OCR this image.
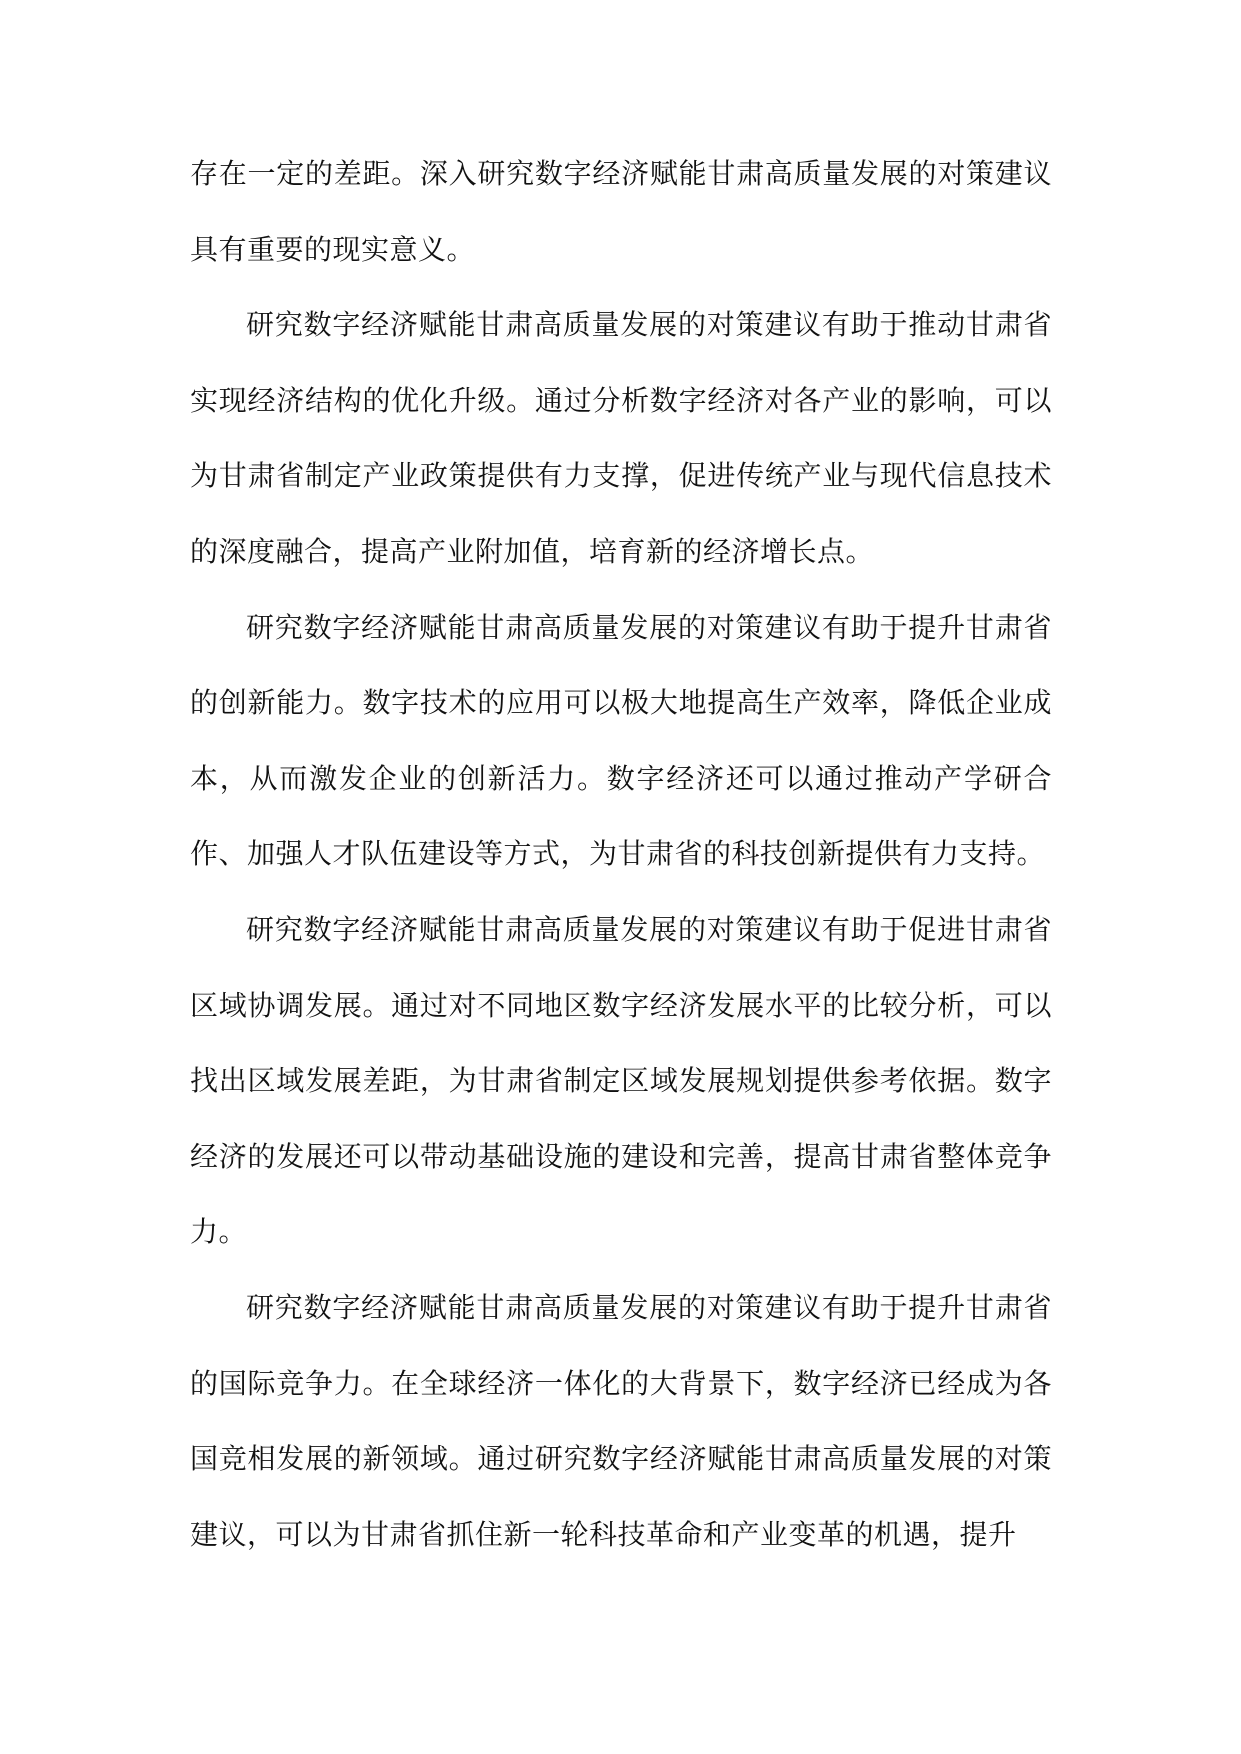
存在一定的差距。深入研究数字经济赋能甘肃高质量发展的对策建议具有重要的现实意义。

研究数字经济赋能甘肃高质量发展的对策建议有助于推动甘肃省实现经济结构的优化升级。通过分析数字经济对各产业的影响，可以为甘肃省制定产业政策提供有力支撑，促进传统产业与现代信息技术的深度融合，提高产业附加值，培育新的经济增长点。

研究数字经济赋能甘肃高质量发展的对策建议有助于提升甘肃省的创新能力。数字技术的应用可以极大地提高生产效率，降低企业成本，从而激发企业的创新活力。数字经济还可以通过推动产学研合作、加强人才队伍建设等方式，为甘肃省的科技创新提供有力支持。

研究数字经济赋能甘肃高质量发展的对策建议有助于促进甘肃省区域协调发展。通过对不同地区数字经济发展水平的比较分析，可以找出区域发展差距，为甘肃省制定区域发展规划提供参考依据。数字经济的发展还可以带动基础设施的建设和完善，提高甘肃省整体竞争力。

研究数字经济赋能甘肃高质量发展的对策建议有助于提升甘肃省的国际竞争力。在全球经济一体化的大背景下，数字经济已经成为各国竞相发展的新领域。通过研究数字经济赋能甘肃高质量发展的对策建议，可以为甘肃省抓住新一轮科技革命和产业变革的机遇，提升
